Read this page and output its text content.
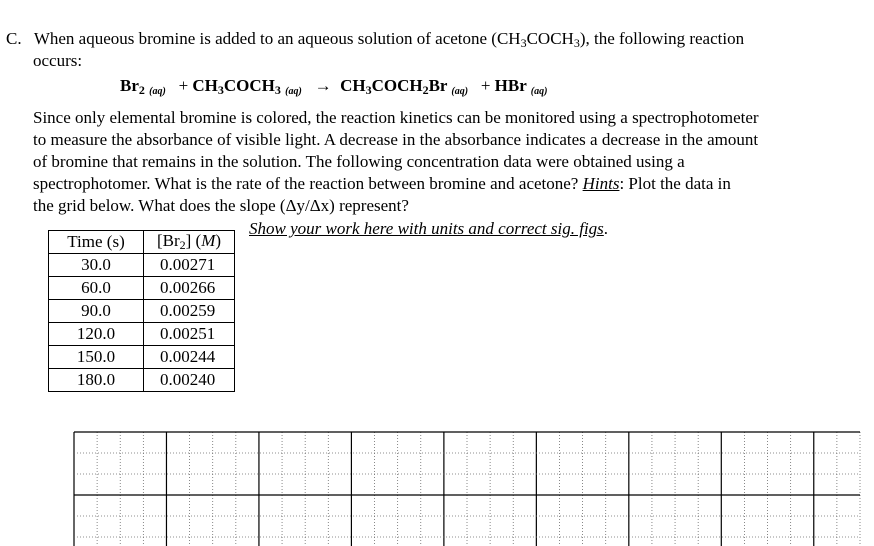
C. When aqueous bromine is added to an aqueous solution of acetone $(CH_3COCH_3)$, the following reaction
occurs:
$Br_2$ $_{(aq)} + CH_3COCH_3$ $_{(aq)} \to CH_3COCH_2Br$ $_{(aq)}$ + HBr $_{(aq)}$
Since only elemental bromine is colored, the reaction kinetics can be monitored using a spectrophotometer
to measure the absorbance of visible light. A decrease in the absorbance indicates a decrease in the amount
of bromine that remains in the solution. The following concentration data were obtained using a
spectrophotomer. What is the rate of the reaction between bromine and acetone? Hints: Plot the data in
the grid below. What does the slope (Δy/Δx) represent?
Show your work here with units and correct sig. figs.
Time (s)	$[Br_2]$ (M)
30.0	0.00271
60.0	0.00266
90.0	0.00259
120.0	0.00251
150.0	0.00244
180.0	0.00240
